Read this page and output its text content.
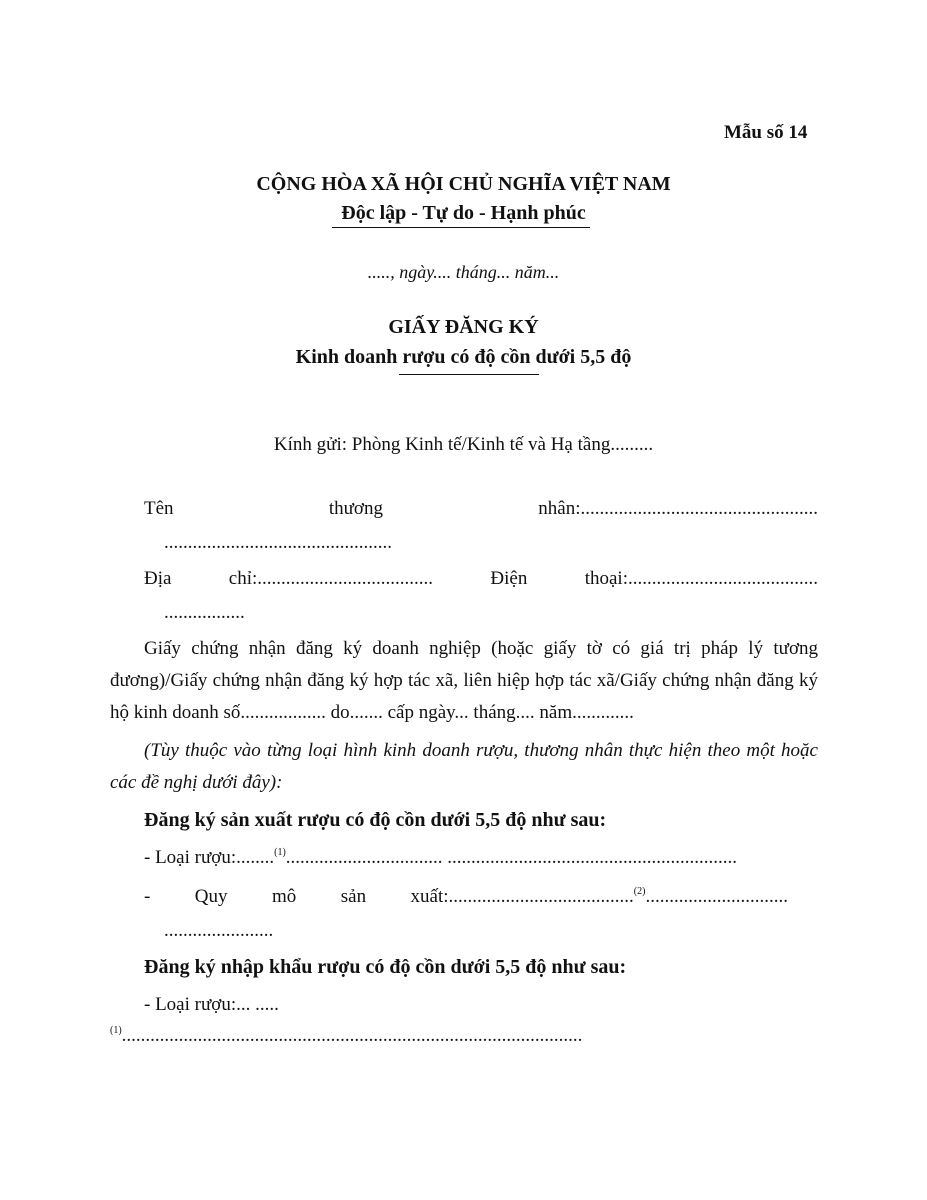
Mẫu số 14
CỘNG HÒA XÃ HỘI CHỦ NGHĨA VIỆT NAM
Độc lập - Tự do - Hạnh phúc
....., ngày.... tháng... năm...
GIẤY ĐĂNG KÝ
Kinh doanh rượu có độ cồn dưới 5,5 độ
Kính gửi: Phòng Kinh tế/Kinh tế và Hạ tầng.........
Tên	thương	nhân:..................................................
................................................
Địa	chỉ:.....................................	Điện	thoại:........................................
.................
Giấy chứng nhận đăng ký doanh nghiệp (hoặc giấy tờ có giá trị pháp lý tương đương)/Giấy chứng nhận đăng ký hợp tác xã, liên hiệp hợp tác xã/Giấy chứng nhận đăng ký hộ kinh doanh số.................. do....... cấp ngày... tháng.... năm.............
(Tùy thuộc vào từng loại hình kinh doanh rượu, thương nhân thực hiện theo một hoặc các đề nghị dưới đây):
Đăng ký sản xuất rượu có độ cồn dưới 5,5 độ như sau:
- Loại rượu:........$^{(1)}$................................. .............................................................
- Quy mô sản xuất:.......................................$^{(2)}$..............................
.......................
Đăng ký nhập khẩu rượu có độ cồn dưới 5,5 độ như sau:
- Loại rượu:... .....
$^{(1)}$.................................................................................................
